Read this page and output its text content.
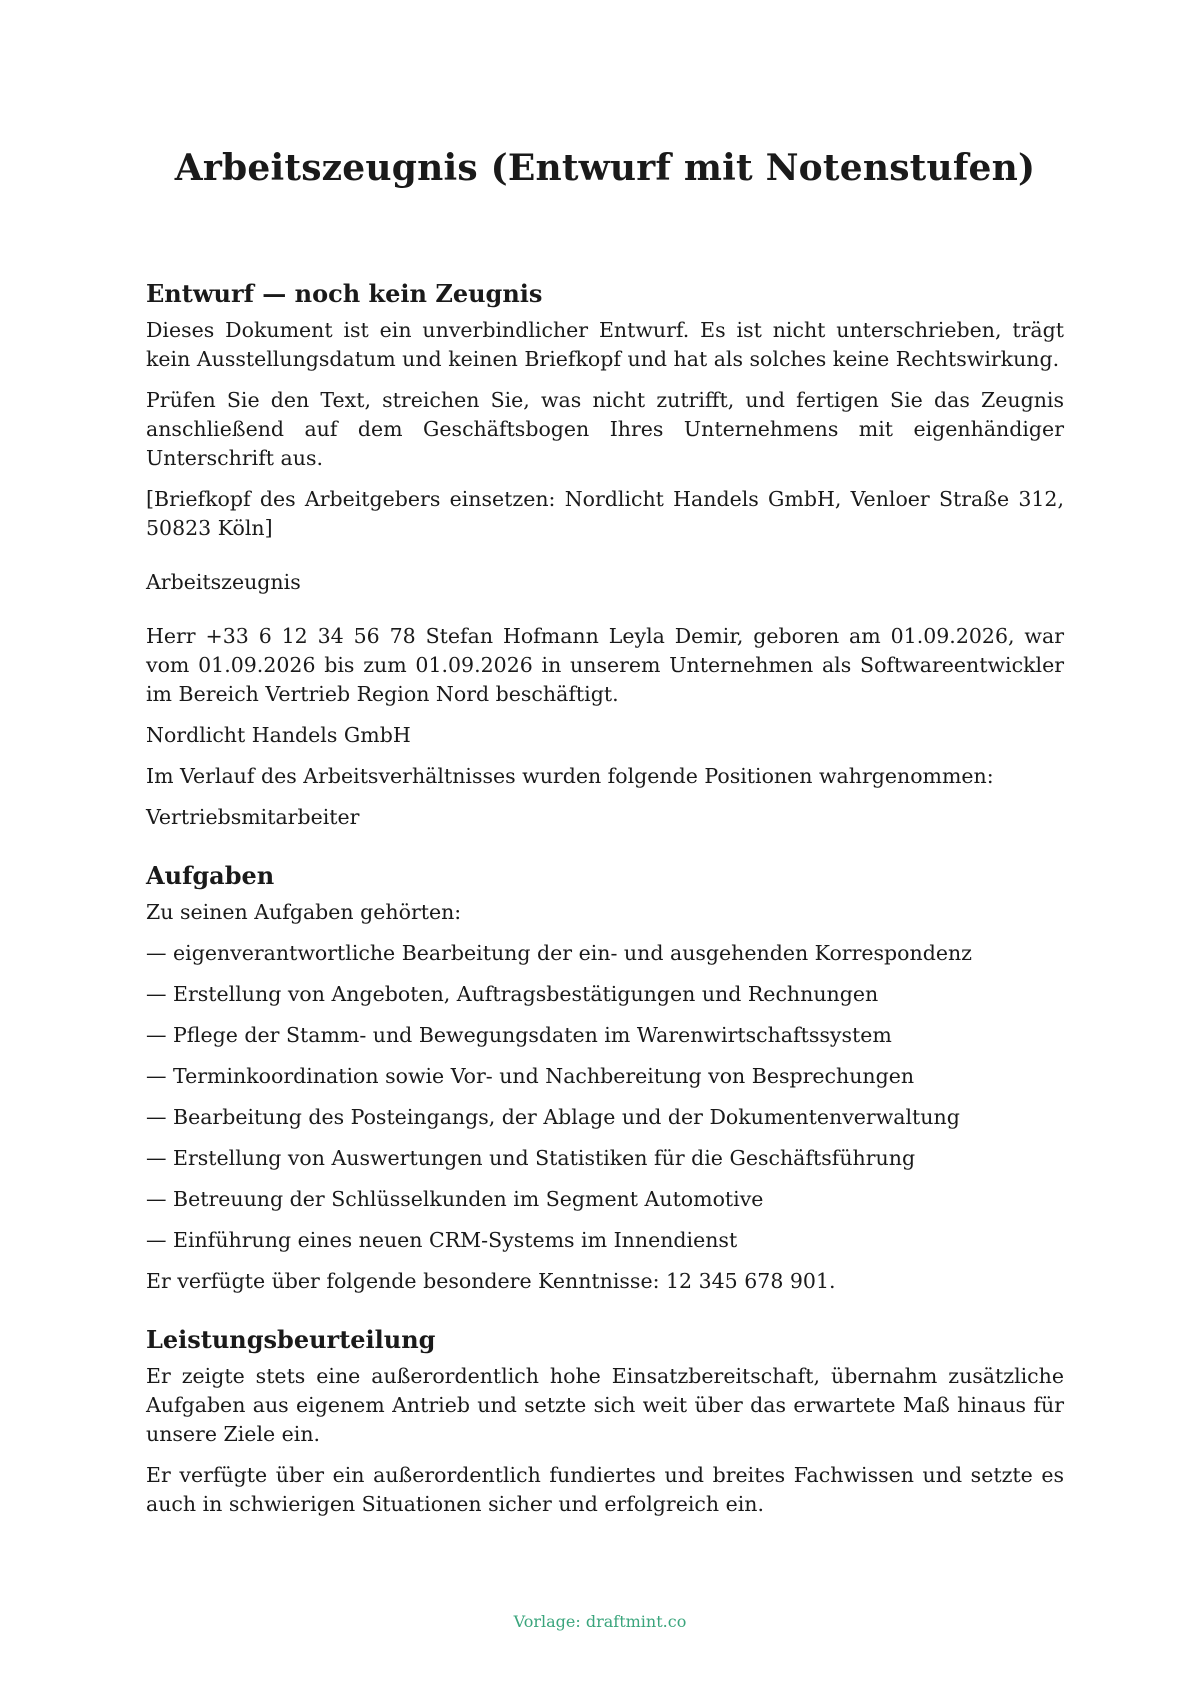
Arbeitszeugnis (Entwurf mit Notenstufen)
Entwurf — noch kein Zeugnis

Dieses Dokument ist ein unverbindlicher Entwurf. Es ist nicht unterschrieben, trägt kein Ausstellungsdatum und keinen Briefkopf und hat als solches keine Rechtswirkung.

Prüfen Sie den Text, streichen Sie, was nicht zutrifft, und fertigen Sie das Zeugnis anschließend auf dem Geschäftsbogen Ihres Unternehmens mit eigenhändiger Unterschrift aus.

[Briefkopf des Arbeitgebers einsetzen: Nordlicht Handels GmbH, Venloer Straße 312, 50823 Köln]

Arbeitszeugnis

Herr +33 6 12 34 56 78 Stefan Hofmann Leyla Demir, geboren am 01.09.2026, war vom 01.09.2026 bis zum 01.09.2026 in unserem Unternehmen als Softwareentwickler im Bereich Vertrieb Region Nord beschäftigt.

Nordlicht Handels GmbH

Im Verlauf des Arbeitsverhältnisses wurden folgende Positionen wahrgenommen:

Vertriebsmitarbeiter

Aufgaben

Zu seinen Aufgaben gehörten:

— eigenverantwortliche Bearbeitung der ein- und ausgehenden Korrespondenz

— Erstellung von Angeboten, Auftragsbestätigungen und Rechnungen

— Pflege der Stamm- und Bewegungsdaten im Warenwirtschaftssystem

— Terminkoordination sowie Vor- und Nachbereitung von Besprechungen

— Bearbeitung des Posteingangs, der Ablage und der Dokumentenverwaltung

— Erstellung von Auswertungen und Statistiken für die Geschäftsführung

— Betreuung der Schlüsselkunden im Segment Automotive

— Einführung eines neuen CRM-Systems im Innendienst

Er verfügte über folgende besondere Kenntnisse: 12 345 678 901.

Leistungsbeurteilung

Er zeigte stets eine außerordentlich hohe Einsatzbereitschaft, übernahm zusätzliche Aufgaben aus eigenem Antrieb und setzte sich weit über das erwartete Maß hinaus für unsere Ziele ein.

Er verfügte über ein außerordentlich fundiertes und breites Fachwissen und setzte es auch in schwierigen Situationen sicher und erfolgreich ein.

Vorlage: draftmint.co
